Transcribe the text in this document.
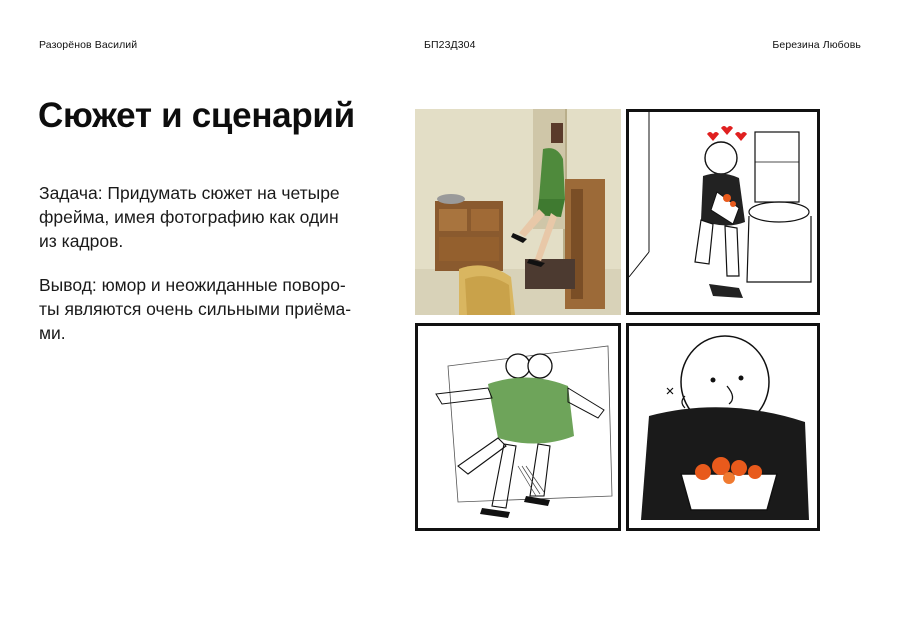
Разорёнов Василий	БП23Д304	Березина Любовь
Сюжет и сценарий

Задача: Придумать сюжет на четыре
фрейма, имея фотографию как один
из кадров.

Вывод: юмор и неожиданные поворо-
ты являются очень сильными приёма-
ми.
